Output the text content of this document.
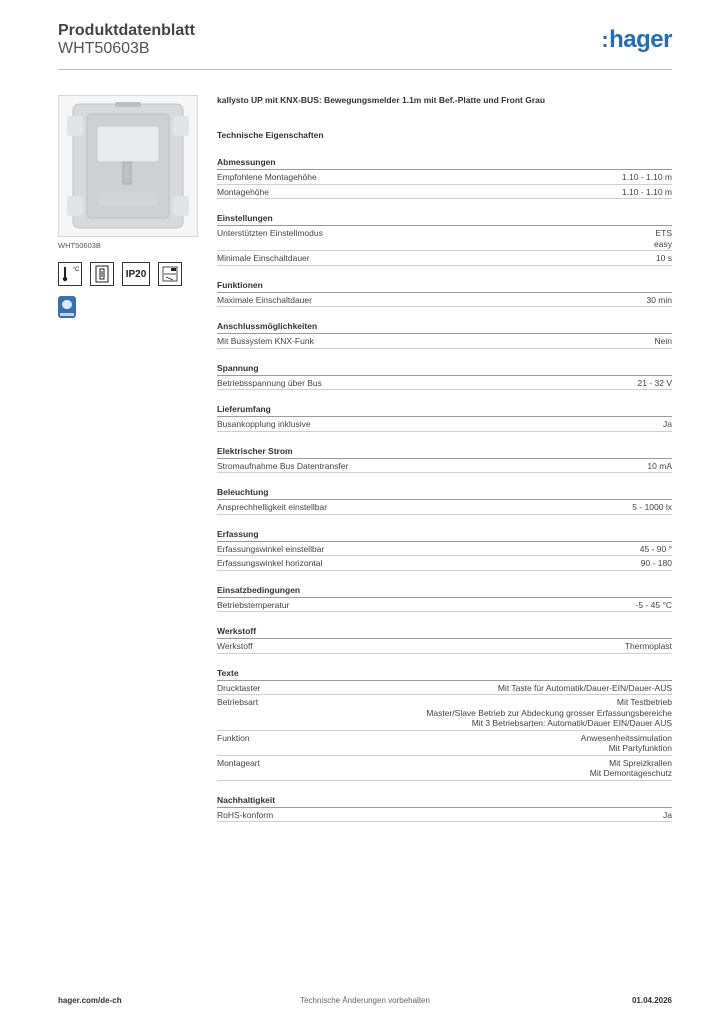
Produktdatenblatt
WHT50603B	:hager
WHT50603B
°C	IP20
kallysto UP mit KNX-BUS: Bewegungsmelder 1.1m mit Bef.-Platte und Front Grau
Technische Eigenschaften
Abmessungen
Empfohlene Montagehöhe	1.10 - 1.10 m
Montagehöhe	1.10 - 1.10 m
Einstellungen
Unterstützten Einstellmodus	ETS
easy
Minimale Einschaltdauer	10 s
Funktionen
Maximale Einschaltdauer	30 min
Anschlussmöglichkeiten
Mit Bussystem KNX-Funk	Nein
Spannung
Betriebsspannung über Bus	21 - 32 V
Lieferumfang
Busankopplung inklusive	Ja
Elektrischer Strom
Stromaufnahme Bus Datentransfer	10 mA
Beleuchtung
Ansprechhelligkeit einstellbar	5 - 1000 lx
Erfassung
Erfassungswinkel einstellbar	45 - 90 °
Erfassungswinkel horizontal	90 - 180
Einsatzbedingungen
Betriebstemperatur	-5 - 45 °C
Werkstoff
Werkstoff	Thermoplast
Texte
Drucktaster	Mit Taste für Automatik/Dauer-EIN/Dauer-AUS
Betriebsart	Mit Testbetrieb
Master/Slave Betrieb zur Abdeckung grosser Erfassungsbereiche
Mit 3 Betriebsarten: Automatik/Dauer EIN/Dauer AUS
Funktion	Anwesenheitssimulation
Mit Partyfunktion
Montageart	Mit Spreizkrallen
Mit Demontageschutz
Nachhaltigkeit
RoHS-konform	Ja
hager.com/de-ch	Technische Änderungen vorbehalten	01.04.2026
